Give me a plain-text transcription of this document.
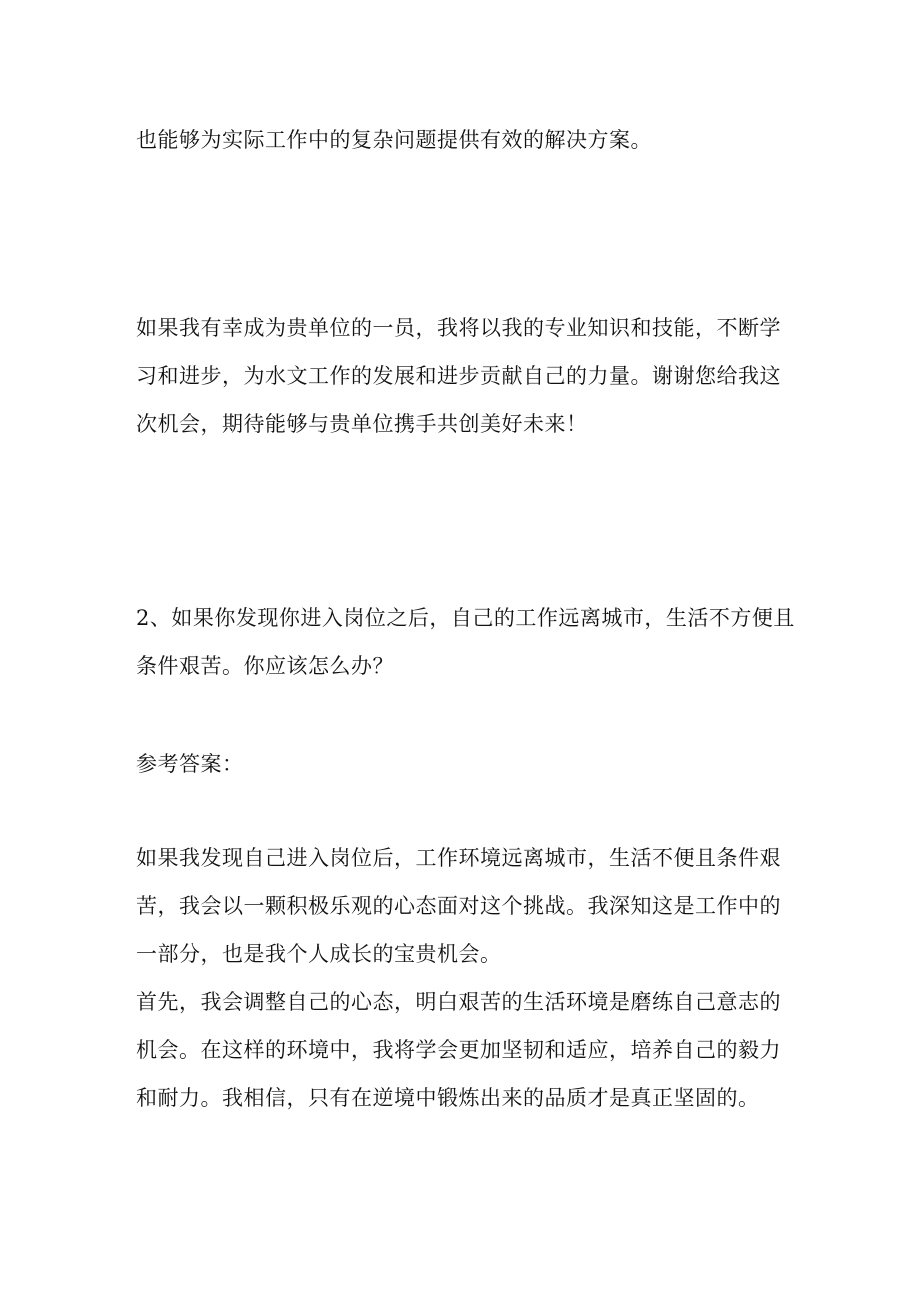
也能够为实际工作中的复杂问题提供有效的解决方案。
如果我有幸成为贵单位的一员，我将以我的专业知识和技能，不断学
习和进步，为水文工作的发展和进步贡献自己的力量。谢谢您给我这
次机会，期待能够与贵单位携手共创美好未来！
2、如果你发现你进入岗位之后，自己的工作远离城市，生活不方便且
条件艰苦。你应该怎么办？
参考答案：
如果我发现自己进入岗位后，工作环境远离城市，生活不便且条件艰
苦，我会以一颗积极乐观的心态面对这个挑战。我深知这是工作中的
一部分，也是我个人成长的宝贵机会。
首先，我会调整自己的心态，明白艰苦的生活环境是磨练自己意志的
机会。在这样的环境中，我将学会更加坚韧和适应，培养自己的毅力
和耐力。我相信，只有在逆境中锻炼出来的品质才是真正坚固的。
